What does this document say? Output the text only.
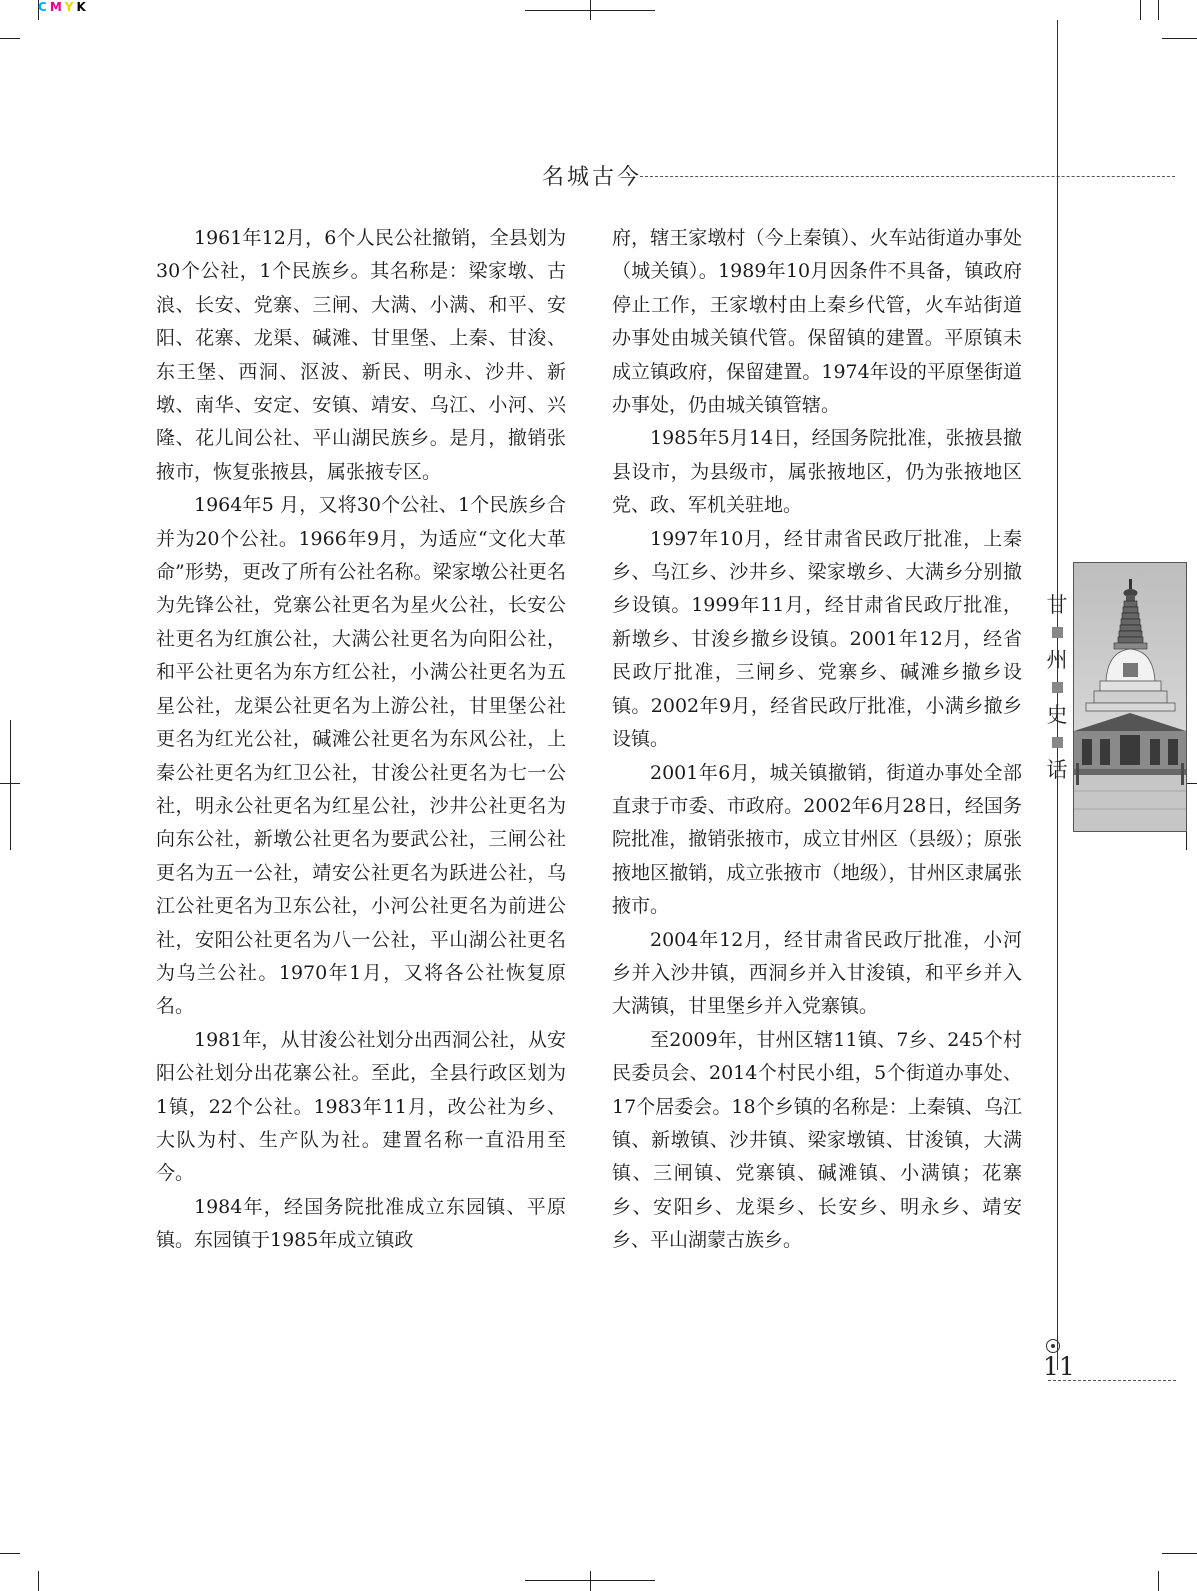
C M Y K
名城古今

1961年12月，6个人民公社撤销，全县划为30个公社，1个民族乡。其名称是：梁家墩、古浪、长安、党寨、三闸、大满、小满、和平、安阳、花寨、龙渠、碱滩、甘里堡、上秦、甘浚、东王堡、西洞、沤波、新民、明永、沙井、新墩、南华、安定、安镇、靖安、乌江、小河、兴隆、花儿间公社、平山湖民族乡。是月，撤销张掖市，恢复张掖县，属张掖专区。

1964年5 月，又将30个公社、1个民族乡合并为20个公社。1966年9月，为适应“文化大革命”形势，更改了所有公社名称。梁家墩公社更名为先锋公社，党寨公社更名为星火公社，长安公社更名为红旗公社，大满公社更名为向阳公社，和平公社更名为东方红公社，小满公社更名为五星公社，龙渠公社更名为上游公社，甘里堡公社更名为红光公社，碱滩公社更名为东风公社，上秦公社更名为红卫公社，甘浚公社更名为七一公社，明永公社更名为红星公社，沙井公社更名为向东公社，新墩公社更名为要武公社，三闸公社更名为五一公社，靖安公社更名为跃进公社，乌江公社更名为卫东公社，小河公社更名为前进公社，安阳公社更名为八一公社，平山湖公社更名为乌兰公社。1970年1月，又将各公社恢复原名。

1981年，从甘浚公社划分出西洞公社，从安阳公社划分出花寨公社。至此，全县行政区划为1镇，22个公社。1983年11月，改公社为乡、大队为村、生产队为社。建置名称一直沿用至今。

1984年，经国务院批准成立东园镇、平原镇。东园镇于1985年成立镇政

府，辖王家墩村（今上秦镇）、火车站街道办事处（城关镇）。1989年10月因条件不具备，镇政府停止工作，王家墩村由上秦乡代管，火车站街道办事处由城关镇代管。保留镇的建置。平原镇未成立镇政府，保留建置。1974年设的平原堡街道办事处，仍由城关镇管辖。

1985年5月14日，经国务院批准，张掖县撤县设市，为县级市，属张掖地区，仍为张掖地区党、政、军机关驻地。

1997年10月，经甘肃省民政厅批准，上秦乡、乌江乡、沙井乡、梁家墩乡、大满乡分别撤乡设镇。1999年11月，经甘肃省民政厅批准，新墩乡、甘浚乡撤乡设镇。2001年12月，经省民政厅批准，三闸乡、党寨乡、碱滩乡撤乡设镇。2002年9月，经省民政厅批准，小满乡撤乡设镇。

2001年6月，城关镇撤销，街道办事处全部直隶于市委、市政府。2002年6月28日，经国务院批准，撤销张掖市，成立甘州区（县级）；原张掖地区撤销，成立张掖市（地级），甘州区隶属张掖市。

2004年12月，经甘肃省民政厅批准，小河乡并入沙井镇，西洞乡并入甘浚镇，和平乡并入大满镇，甘里堡乡并入党寨镇。

至2009年，甘州区辖11镇、7乡、245个村民委员会、2014个村民小组，5个街道办事处、17个居委会。18个乡镇的名称是：上秦镇、乌江镇、新墩镇、沙井镇、梁家墩镇、甘浚镇，大满镇、三闸镇、党寨镇、碱滩镇、小满镇；花寨乡、安阳乡、龙渠乡、长安乡、明永乡、靖安乡、平山湖蒙古族乡。

甘
州
史
话
11
